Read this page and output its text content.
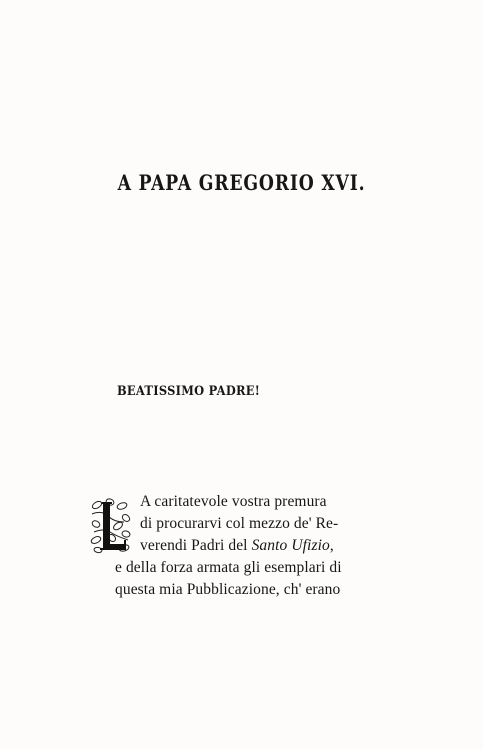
A PAPA GREGORIO XVI.
BEATISSIMO PADRE!
A caritatevole vostra premura
di procurarvi col mezzo de' Re-
verendi Padri del Santo Ufizio,
e della forza armata gli esemplari di
questa mia Pubblicazione, ch' erano
